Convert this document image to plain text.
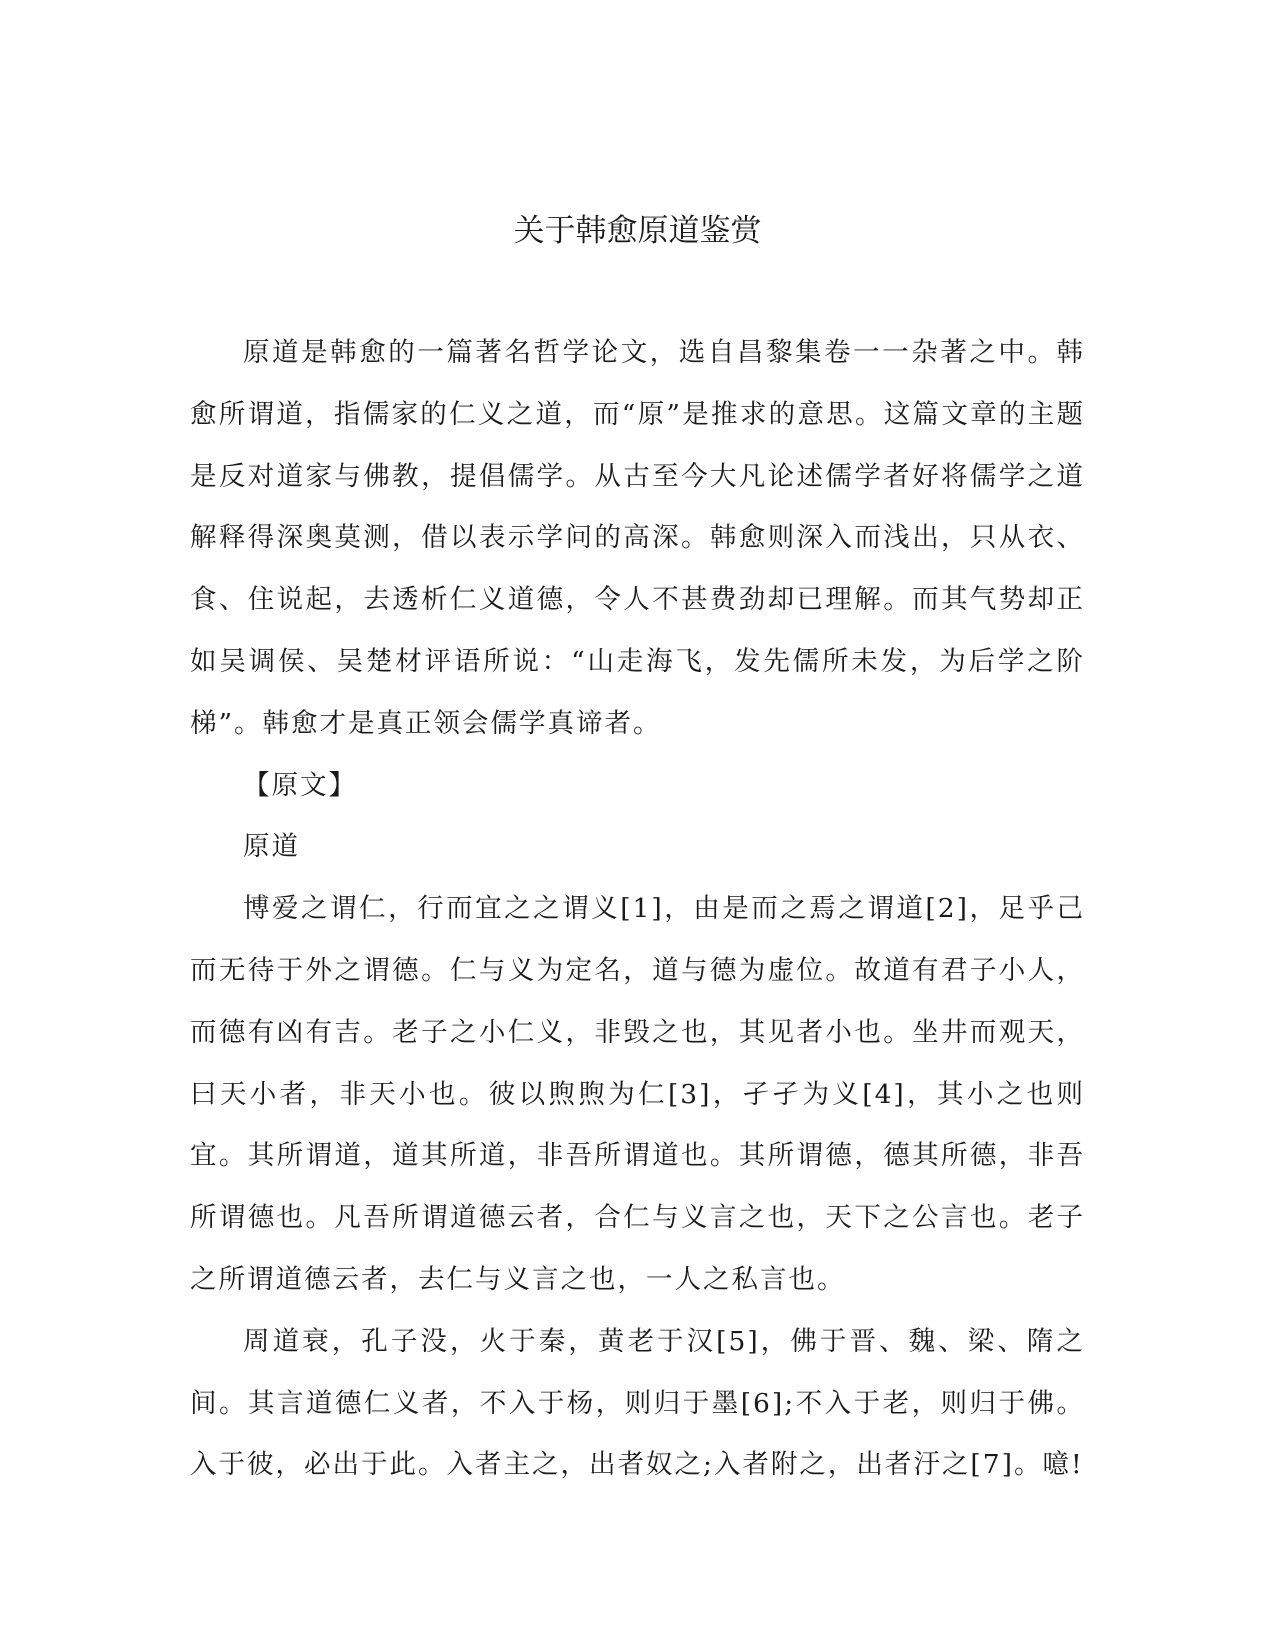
关于韩愈原道鉴赏

原道是韩愈的一篇著名哲学论文，选自昌黎集卷一一杂著之中。韩愈所谓道，指儒家的仁义之道，而“原”是推求的意思。这篇文章的主题是反对道家与佛教，提倡儒学。从古至今大凡论述儒学者好将儒学之道解释得深奥莫测，借以表示学问的高深。韩愈则深入而浅出，只从衣、食、住说起，去透析仁义道德，令人不甚费劲却已理解。而其气势却正如吴调侯、吴楚材评语所说：“山走海飞，发先儒所未发，为后学之阶梯”。韩愈才是真正领会儒学真谛者。

【原文】

原道

博爱之谓仁，行而宜之之谓义[1]，由是而之焉之谓道[2]，足乎己而无待于外之谓德。仁与义为定名，道与德为虚位。故道有君子小人，而德有凶有吉。老子之小仁义，非毁之也，其见者小也。坐井而观天，曰天小者，非天小也。彼以煦煦为仁[3]，孑孑为义[4]，其小之也则宜。其所谓道，道其所道，非吾所谓道也。其所谓德，德其所德，非吾所谓德也。凡吾所谓道德云者，合仁与义言之也，天下之公言也。老子之所谓道德云者，去仁与义言之也，一人之私言也。

周道衰，孔子没，火于秦，黄老于汉[5]，佛于晋、魏、梁、隋之间。其言道德仁义者，不入于杨，则归于墨[6];不入于老，则归于佛。入于彼，必出于此。入者主之，出者奴之;入者附之，出者汙之[7]。噫!
